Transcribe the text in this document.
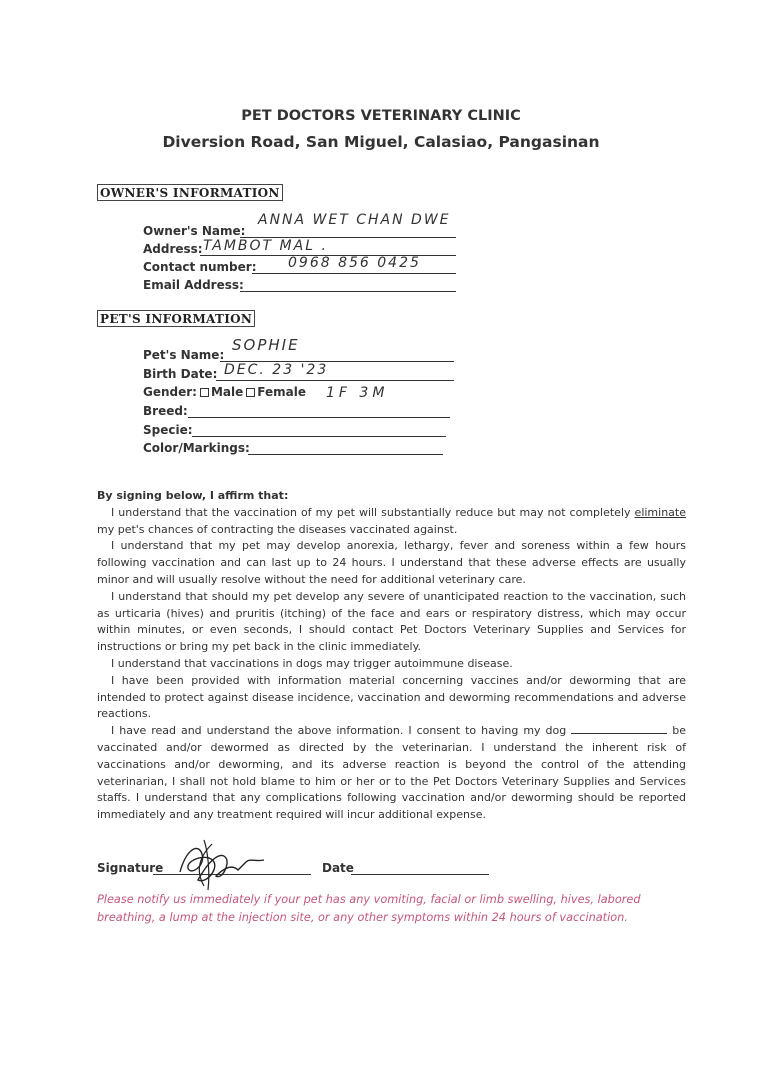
PET DOCTORS VETERINARY CLINIC
Diversion Road, San Miguel, Calasiao, Pangasinan
OWNER'S INFORMATION
Owner's Name:
ANNA WET CHAN DWE
Address: TAMBOT MAL .
Contact number: 0968 856 0425
Email Address:
PET'S INFORMATION
Pet's Name:
SOPHIE
Birth Date: DEC. 23 '23
Gender: Male Female 1F 3M
Breed:
Specie:
Color/Markings:

By signing below, I affirm that:

I understand that the vaccination of my pet will substantially reduce but may not completely eliminate my pet's chances of contracting the diseases vaccinated against.

I understand that my pet may develop anorexia, lethargy, fever and soreness within a few hours following vaccination and can last up to 24 hours. I understand that these adverse effects are usually minor and will usually resolve without the need for additional veterinary care.

I understand that should my pet develop any severe of unanticipated reaction to the vaccination, such as urticaria (hives) and pruritis (itching) of the face and ears or respiratory distress, which may occur within minutes, or even seconds, I should contact Pet Doctors Veterinary Supplies and Services for instructions or bring my pet back in the clinic immediately.

I understand that vaccinations in dogs may trigger autoimmune disease.

I have been provided with information material concerning vaccines and/or deworming that are intended to protect against disease incidence, vaccination and deworming recommendations and adverse reactions.

I have read and understand the above information. I consent to having my dog	be vaccinated and/or dewormed as directed by the veterinarian. I understand the inherent risk of vaccinations and/or deworming, and its adverse reaction is beyond the control of the attending veterinarian, I shall not hold blame to him or her or to the Pet Doctors Veterinary Supplies and Services staffs. I understand that any complications following vaccination and/or deworming should be reported immediately and any treatment required will incur additional expense.

Signature	Date
Please notify us immediately if your pet has any vomiting, facial or limb swelling, hives, labored breathing, a lump at the injection site, or any other symptoms within 24 hours of vaccination.
